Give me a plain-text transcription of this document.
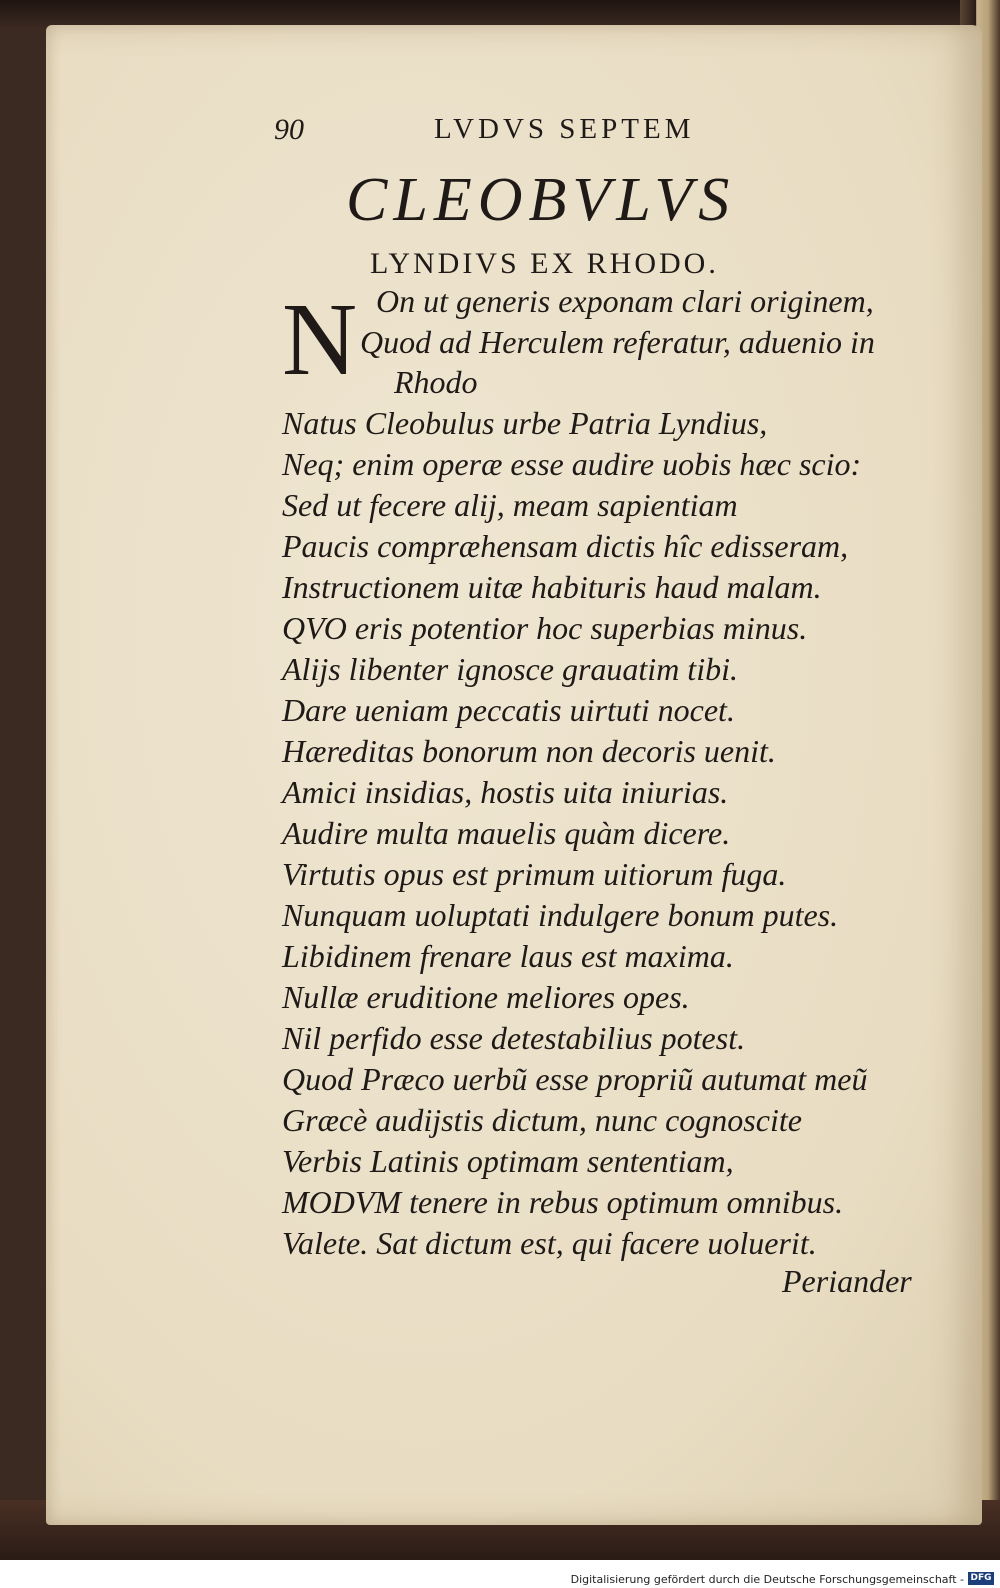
90	LVDVS SEPTEM
CLEOBVLVS
LYNDIVS EX RHODO.
N On ut generis exponam clari originem,
Quod ad Herculem referatur, aduenio in
Rhodo
Natus Cleobulus urbe Patria Lyndius,
Neq; enim operæ esse audire uobis hæc scio:
Sed ut fecere alij, meam sapientiam
Paucis compræhensam dictis hîc edisseram,
Instructionem uitæ habituris haud malam.
QVO eris potentior hoc superbias minus.
Alijs libenter ignosce grauatim tibi.
Dare ueniam peccatis uirtuti nocet.
Hæreditas bonorum non decoris uenit.
Amici insidias, hostis uita iniurias.
Audire multa mauelis quàm dicere.
Virtutis opus est primum uitiorum fuga.
Nunquam uoluptati indulgere bonum putes.
Libidinem frenare laus est maxima.
Nullæ eruditione meliores opes.
Nil perfido esse detestabilius potest.
Quod Præco uerbũ esse propriũ autumat meũ
Græcè audijstis dictum, nunc cognoscite
Verbis Latinis optimam sententiam,
MODVM tenere in rebus optimum omnibus.
Valete. Sat dictum est, qui facere uoluerit.
Periander
Digitalisierung gefördert durch die Deutsche Forschungsgemeinschaft - DFG
